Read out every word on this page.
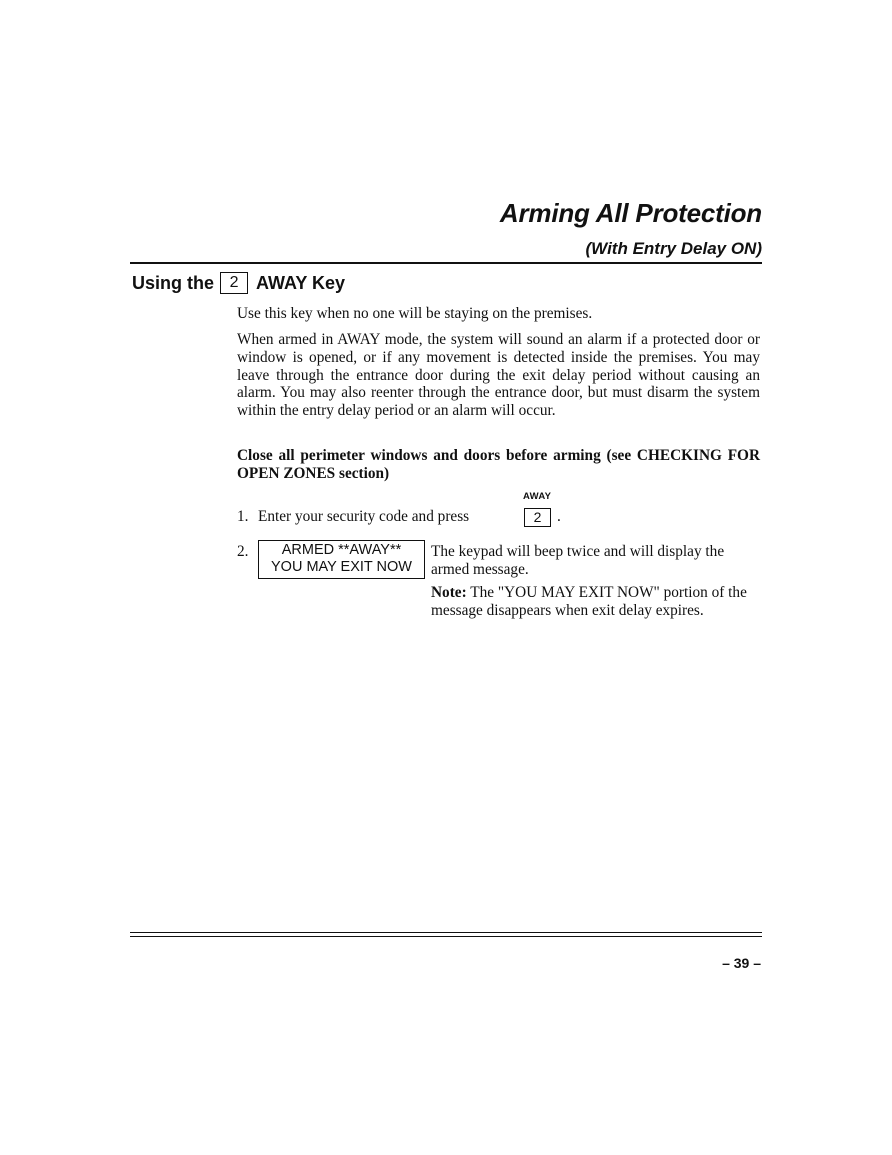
Arming All Protection
(With Entry Delay ON)
Using the 2 AWAY Key

Use this key when no one will be staying on the premises.

When armed in AWAY mode, the system will sound an alarm if a protected door or window is opened, or if any movement is detected inside the premises. You may leave through the entrance door during the exit delay period without causing an alarm. You may also reenter through the entrance door, but must disarm the system within the entry delay period or an alarm will occur.

Close all perimeter windows and doors before arming (see CHECKING FOR OPEN ZONES section)

AWAY
1. Enter your security code and press	2	.
2.	ARMED **AWAY**
YOU MAY EXIT NOW

The keypad will beep twice and will display the armed message.

Note: The "YOU MAY EXIT NOW" portion of the message disappears when exit delay expires.

– 39 –
